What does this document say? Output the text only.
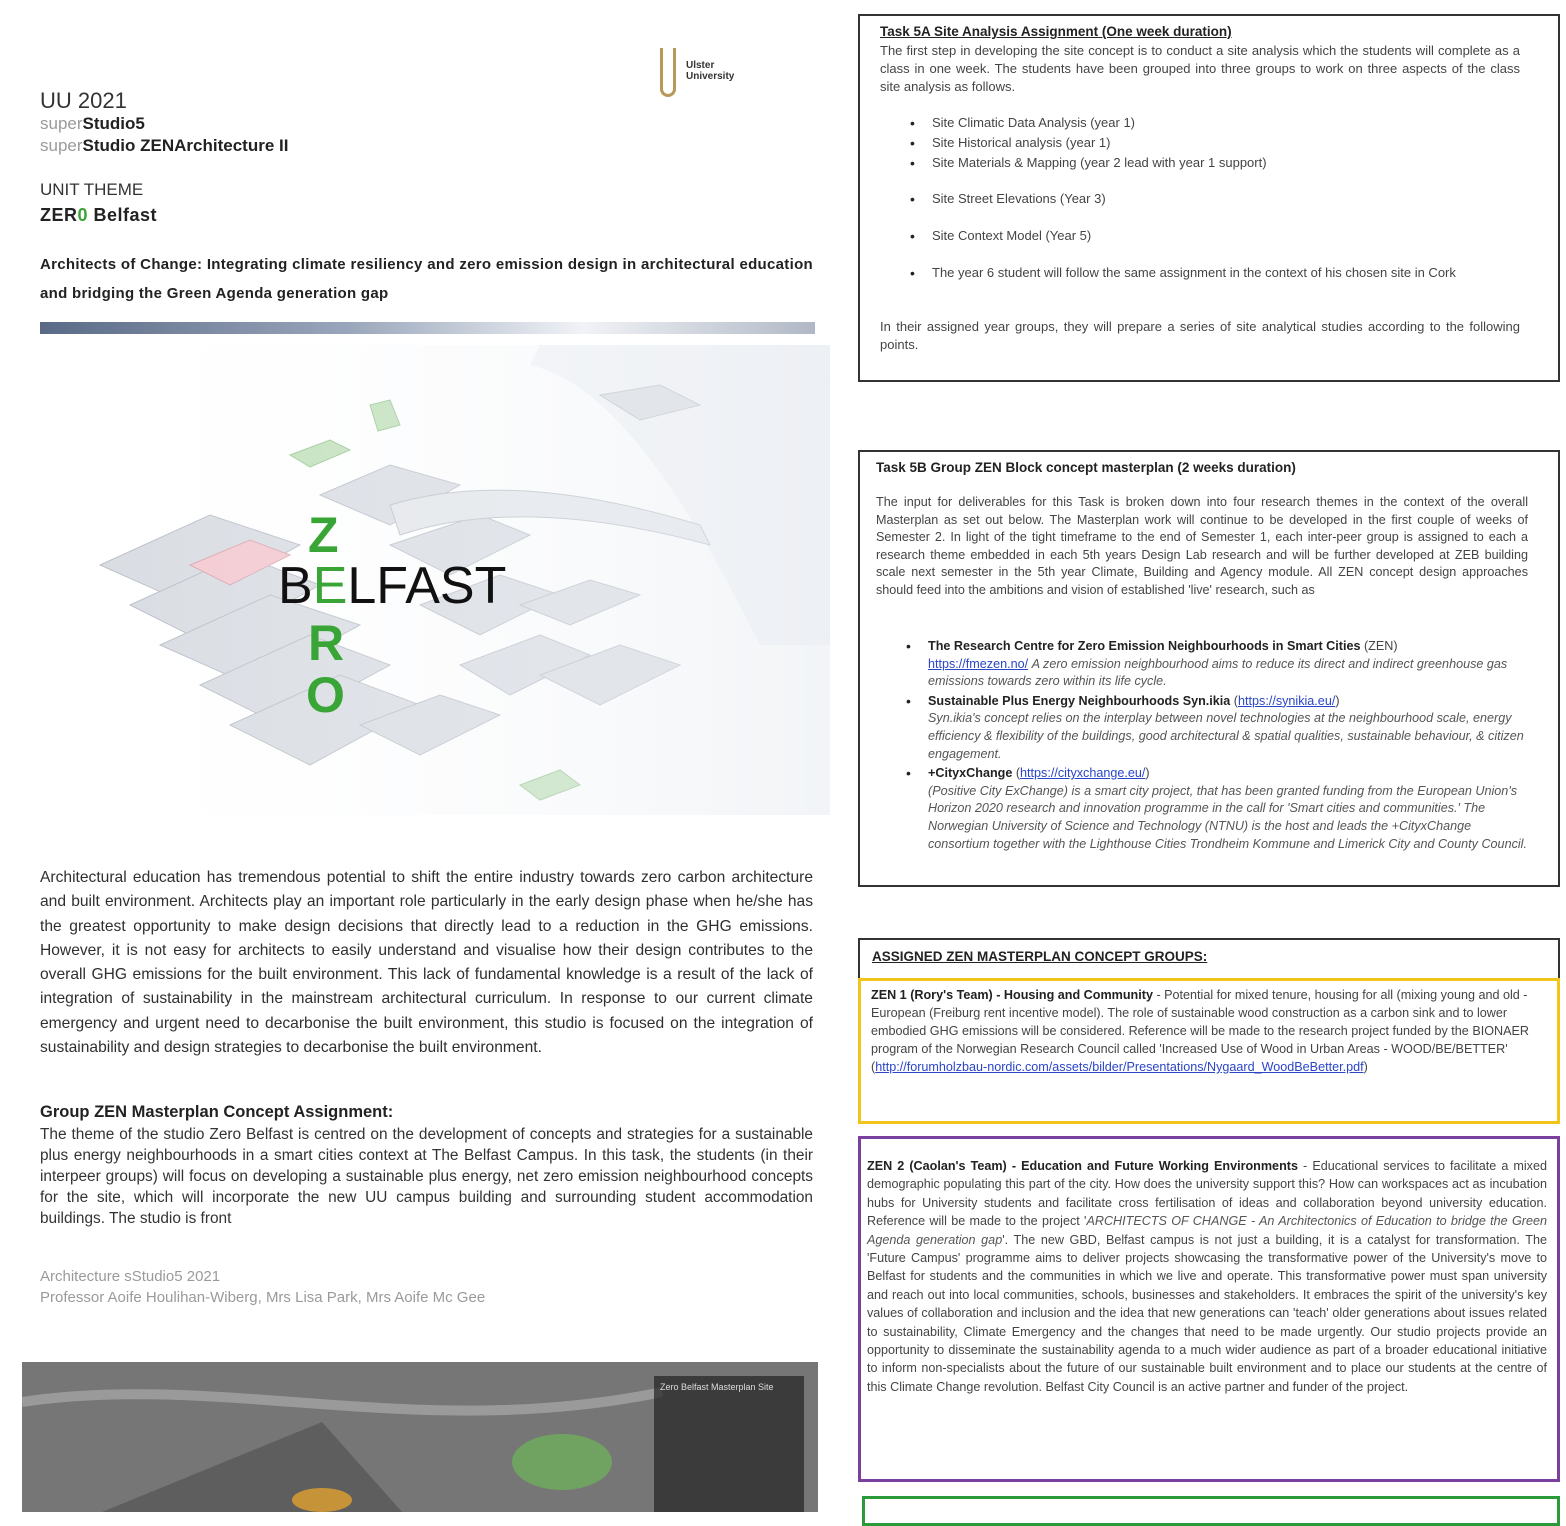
Ulster
University
UU 2021
superStudio5
superStudio ZENArchitecture II
UNIT THEME
ZER0 Belfast
Architects of Change: Integrating climate resiliency and zero emission design in architectural education and bridging the Green Agenda generation gap
BELFAST
Z
R
O
Architectural education has tremendous potential to shift the entire industry towards zero carbon architecture and built environment. Architects play an important role particularly in the early design phase when he/she has the greatest opportunity to make design decisions that directly lead to a reduction in the GHG emissions. However, it is not easy for architects to easily understand and visualise how their design contributes to the overall GHG emissions for the built environment. This lack of fundamental knowledge is a result of the lack of integration of sustainability in the mainstream architectural curriculum. In response to our current climate emergency and urgent need to decarbonise the built environment, this studio is focused on the integration of sustainability and design strategies to decarbonise the built environment.
Group ZEN Masterplan Concept Assignment:
The theme of the studio Zero Belfast is centred on the development of concepts and strategies for a sustainable plus energy neighbourhoods in a smart cities context at The Belfast Campus. In this task, the students (in their interpeer groups) will focus on developing a sustainable plus energy, net zero emission neighbourhood concepts for the site, which will incorporate the new UU campus building and surrounding student accommodation buildings. The studio is front
Architecture sStudio5 2021
Professor Aoife Houlihan-Wiberg, Mrs Lisa Park, Mrs Aoife Mc Gee
Zero Belfast Masterplan Site
Task 5A Site Analysis Assignment (One week duration)
The first step in developing the site concept is to conduct a site analysis which the students will complete as a class in one week. The students have been grouped into three groups to work on three aspects of the class site analysis as follows.
• Site Climatic Data Analysis (year 1)
• Site Historical analysis (year 1)
• Site Materials & Mapping (year 2 lead with year 1 support)
• Site Street Elevations (Year 3)
• Site Context Model (Year 5)
• The year 6 student will follow the same assignment in the context of his chosen site in Cork
In their assigned year groups, they will prepare a series of site analytical studies according to the following points.
Task 5B Group ZEN Block concept masterplan (2 weeks duration)
The input for deliverables for this Task is broken down into four research themes in the context of the overall Masterplan as set out below. The Masterplan work will continue to be developed in the first couple of weeks of Semester 2. In light of the tight timeframe to the end of Semester 1, each inter-peer group is assigned to each a research theme embedded in each 5th years Design Lab research and will be further developed at ZEB building scale next semester in the 5th year Climate, Building and Agency module. All ZEN concept design approaches should feed into the ambitions and vision of established 'live' research, such as
• The Research Centre for Zero Emission Neighbourhoods in Smart Cities (ZEN)
https://fmezen.no/ A zero emission neighbourhood aims to reduce its direct and indirect greenhouse gas emissions towards zero within its life cycle.
• Sustainable Plus Energy Neighbourhoods Syn.ikia (https://synikia.eu/)
Syn.ikia's concept relies on the interplay between novel technologies at the neighbourhood scale, energy efficiency & flexibility of the buildings, good architectural & spatial qualities, sustainable behaviour, & citizen engagement.
• +CityxChange (https://cityxchange.eu/)
(Positive City ExChange) is a smart city project, that has been granted funding from the European Union's Horizon 2020 research and innovation programme in the call for 'Smart cities and communities.' The Norwegian University of Science and Technology (NTNU) is the host and leads the +CityxChange consortium together with the Lighthouse Cities Trondheim Kommune and Limerick City and County Council.
ASSIGNED ZEN MASTERPLAN CONCEPT GROUPS:
ZEN 1 (Rory's Team) - Housing and Community - Potential for mixed tenure, housing for all (mixing young and old - European (Freiburg rent incentive model). The role of sustainable wood construction as a carbon sink and to lower embodied GHG emissions will be considered. Reference will be made to the research project funded by the BIONAER program of the Norwegian Research Council called 'Increased Use of Wood in Urban Areas - WOOD/BE/BETTER' (http://forumholzbau-nordic.com/assets/bilder/Presentations/Nygaard_WoodBeBetter.pdf)
ZEN 2 (Caolan's Team) - Education and Future Working Environments - Educational services to facilitate a mixed demographic populating this part of the city. How does the university support this? How can workspaces act as incubation hubs for University students and facilitate cross fertilisation of ideas and collaboration beyond university education. Reference will be made to the project 'ARCHITECTS OF CHANGE - An Architectonics of Education to bridge the Green Agenda generation gap'. The new GBD, Belfast campus is not just a building, it is a catalyst for transformation. The 'Future Campus' programme aims to deliver projects showcasing the transformative power of the University's move to Belfast for students and the communities in which we live and operate. This transformative power must span university and reach out into local communities, schools, businesses and stakeholders. It embraces the spirit of the university's key values of collaboration and inclusion and the idea that new generations can 'teach' older generations about issues related to sustainability, Climate Emergency and the changes that need to be made urgently. Our studio projects provide an opportunity to disseminate the sustainability agenda to a much wider audience as part of a broader educational initiative to inform non-specialists about the future of our sustainable built environment and to place our students at the centre of this Climate Change revolution. Belfast City Council is an active partner and funder of the project.
